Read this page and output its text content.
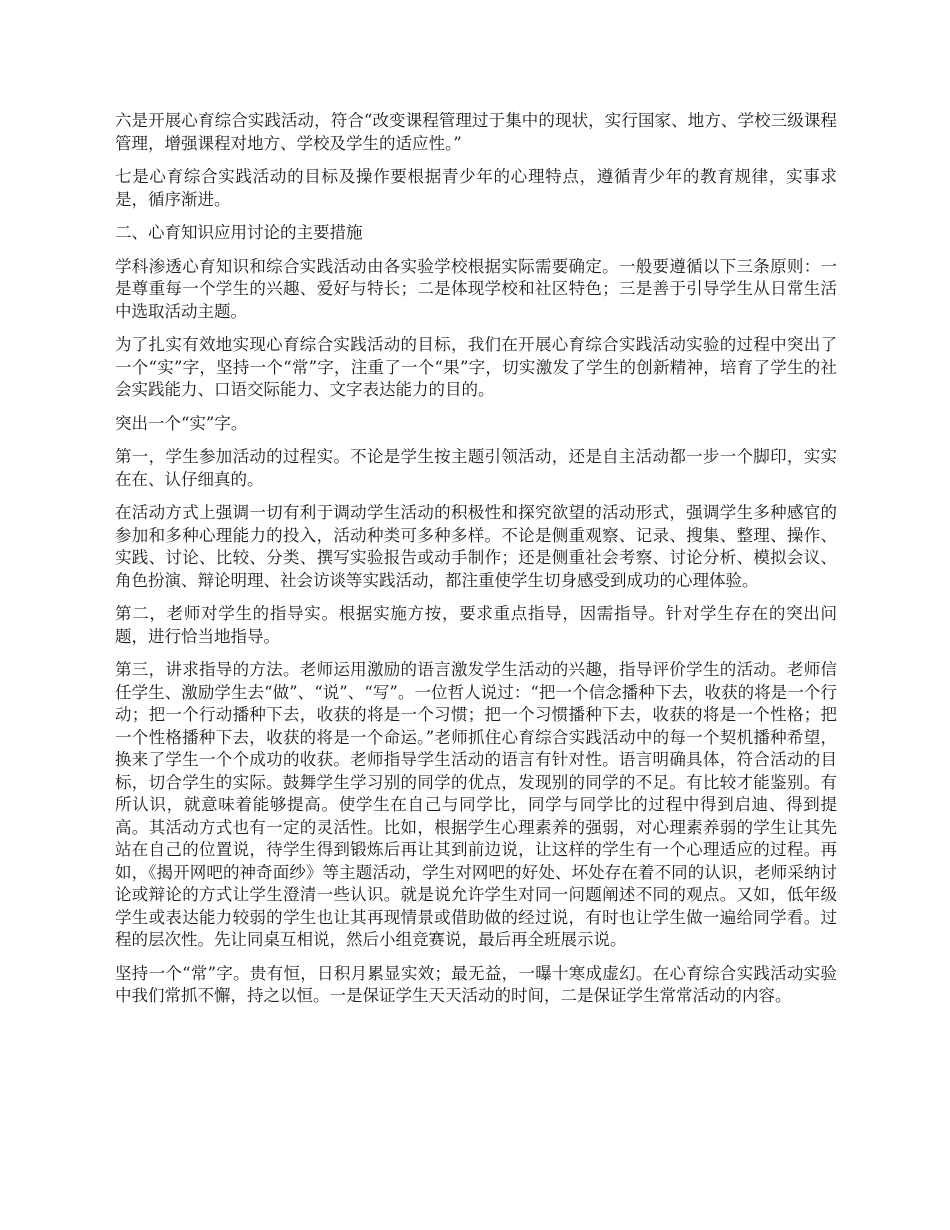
六是开展心育综合实践活动，符合“改变课程管理过于集中的现状，实行国家、地方、学校三级课程管理，增强课程对地方、学校及学生的适应性。”

七是心育综合实践活动的目标及操作要根据青少年的心理特点，遵循青少年的教育规律，实事求是，循序渐进。

二、心育知识应用讨论的主要措施

学科渗透心育知识和综合实践活动由各实验学校根据实际需要确定。一般要遵循以下三条原则：一是尊重每一个学生的兴趣、爱好与特长；二是体现学校和社区特色；三是善于引导学生从日常生活中选取活动主题。

为了扎实有效地实现心育综合实践活动的目标，我们在开展心育综合实践活动实验的过程中突出了一个“实”字，坚持一个“常”字，注重了一个“果”字，切实激发了学生的创新精神，培育了学生的社会实践能力、口语交际能力、文字表达能力的目的。

突出一个“实”字。

第一，学生参加活动的过程实。不论是学生按主题引领活动，还是自主活动都一步一个脚印，实实在在、认仔细真的。

在活动方式上强调一切有利于调动学生活动的积极性和探究欲望的活动形式，强调学生多种感官的参加和多种心理能力的投入，活动种类可多种多样。不论是侧重观察、记录、搜集、整理、操作、实践、讨论、比较、分类、撰写实验报告或动手制作；还是侧重社会考察、讨论分析、模拟会议、角色扮演、辩论明理、社会访谈等实践活动，都注重使学生切身感受到成功的心理体验。

第二，老师对学生的指导实。根据实施方按，要求重点指导，因需指导。针对学生存在的突出问题，进行恰当地指导。

第三，讲求指导的方法。老师运用激励的语言激发学生活动的兴趣，指导评价学生的活动。老师信任学生、激励学生去“做”、“说”、“写”。一位哲人说过：“把一个信念播种下去，收获的将是一个行动；把一个行动播种下去，收获的将是一个习惯；把一个习惯播种下去，收获的将是一个性格；把一个性格播种下去，收获的将是一个命运。”老师抓住心育综合实践活动中的每一个契机播种希望，换来了学生一个个成功的收获。老师指导学生活动的语言有针对性。语言明确具体，符合活动的目标，切合学生的实际。鼓舞学生学习别的同学的优点，发现别的同学的不足。有比较才能鉴别。有所认识，就意味着能够提高。使学生在自己与同学比，同学与同学比的过程中得到启迪、得到提高。其活动方式也有一定的灵活性。比如，根据学生心理素养的强弱，对心理素养弱的学生让其先站在自己的位置说，待学生得到锻炼后再让其到前边说，让这样的学生有一个心理适应的过程。再如，《揭开网吧的神奇面纱》等主题活动，学生对网吧的好处、坏处存在着不同的认识，老师采纳讨论或辩论的方式让学生澄清一些认识。就是说允许学生对同一问题阐述不同的观点。又如，低年级学生或表达能力较弱的学生也让其再现情景或借助做的经过说，有时也让学生做一遍给同学看。过程的层次性。先让同桌互相说，然后小组竞赛说，最后再全班展示说。

坚持一个“常”字。贵有恒，日积月累显实效；最无益，一曝十寒成虚幻。在心育综合实践活动实验中我们常抓不懈，持之以恒。一是保证学生天天活动的时间，二是保证学生常常活动的内容。
